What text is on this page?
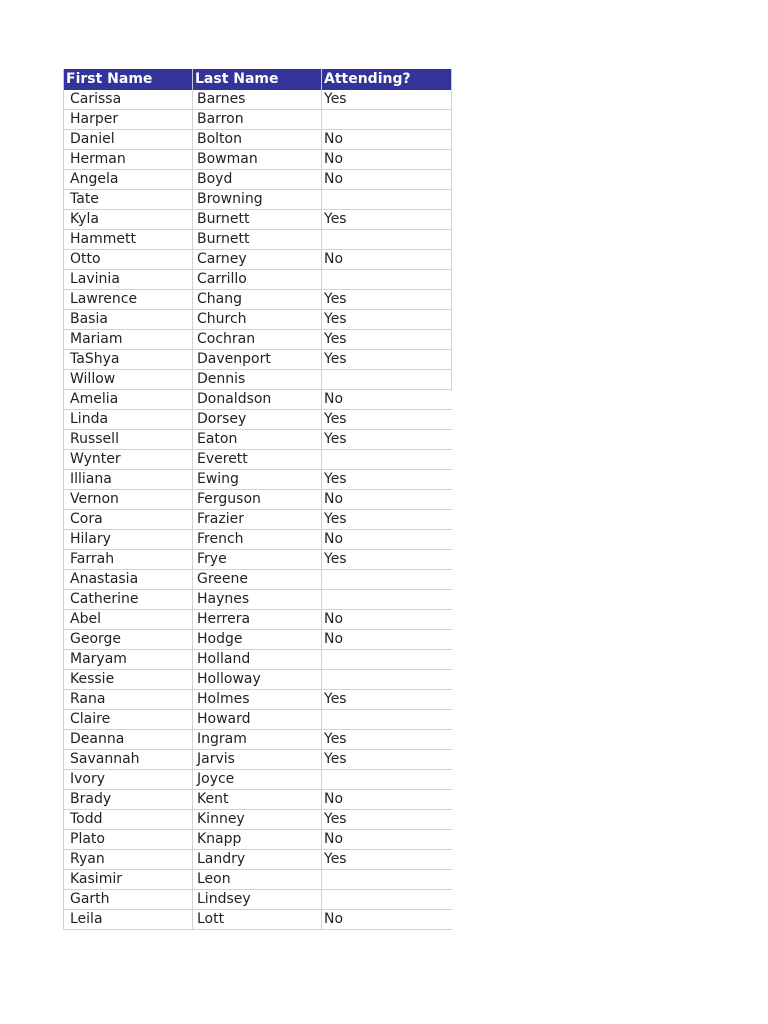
First Name	Last Name	Attending?
Carissa	Barnes	Yes
Harper	Barron	
Daniel	Bolton	No
Herman	Bowman	No
Angela	Boyd	No
Tate	Browning	
Kyla	Burnett	Yes
Hammett	Burnett	
Otto	Carney	No
Lavinia	Carrillo	
Lawrence	Chang	Yes
Basia	Church	Yes
Mariam	Cochran	Yes
TaShya	Davenport	Yes
Willow	Dennis	
Amelia	Donaldson	No
Linda	Dorsey	Yes
Russell	Eaton	Yes
Wynter	Everett	
Illiana	Ewing	Yes
Vernon	Ferguson	No
Cora	Frazier	Yes
Hilary	French	No
Farrah	Frye	Yes
Anastasia	Greene	
Catherine	Haynes	
Abel	Herrera	No
George	Hodge	No
Maryam	Holland	
Kessie	Holloway	
Rana	Holmes	Yes
Claire	Howard	
Deanna	Ingram	Yes
Savannah	Jarvis	Yes
Ivory	Joyce	
Brady	Kent	No
Todd	Kinney	Yes
Plato	Knapp	No
Ryan	Landry	Yes
Kasimir	Leon	
Garth	Lindsey	
Leila	Lott	No
